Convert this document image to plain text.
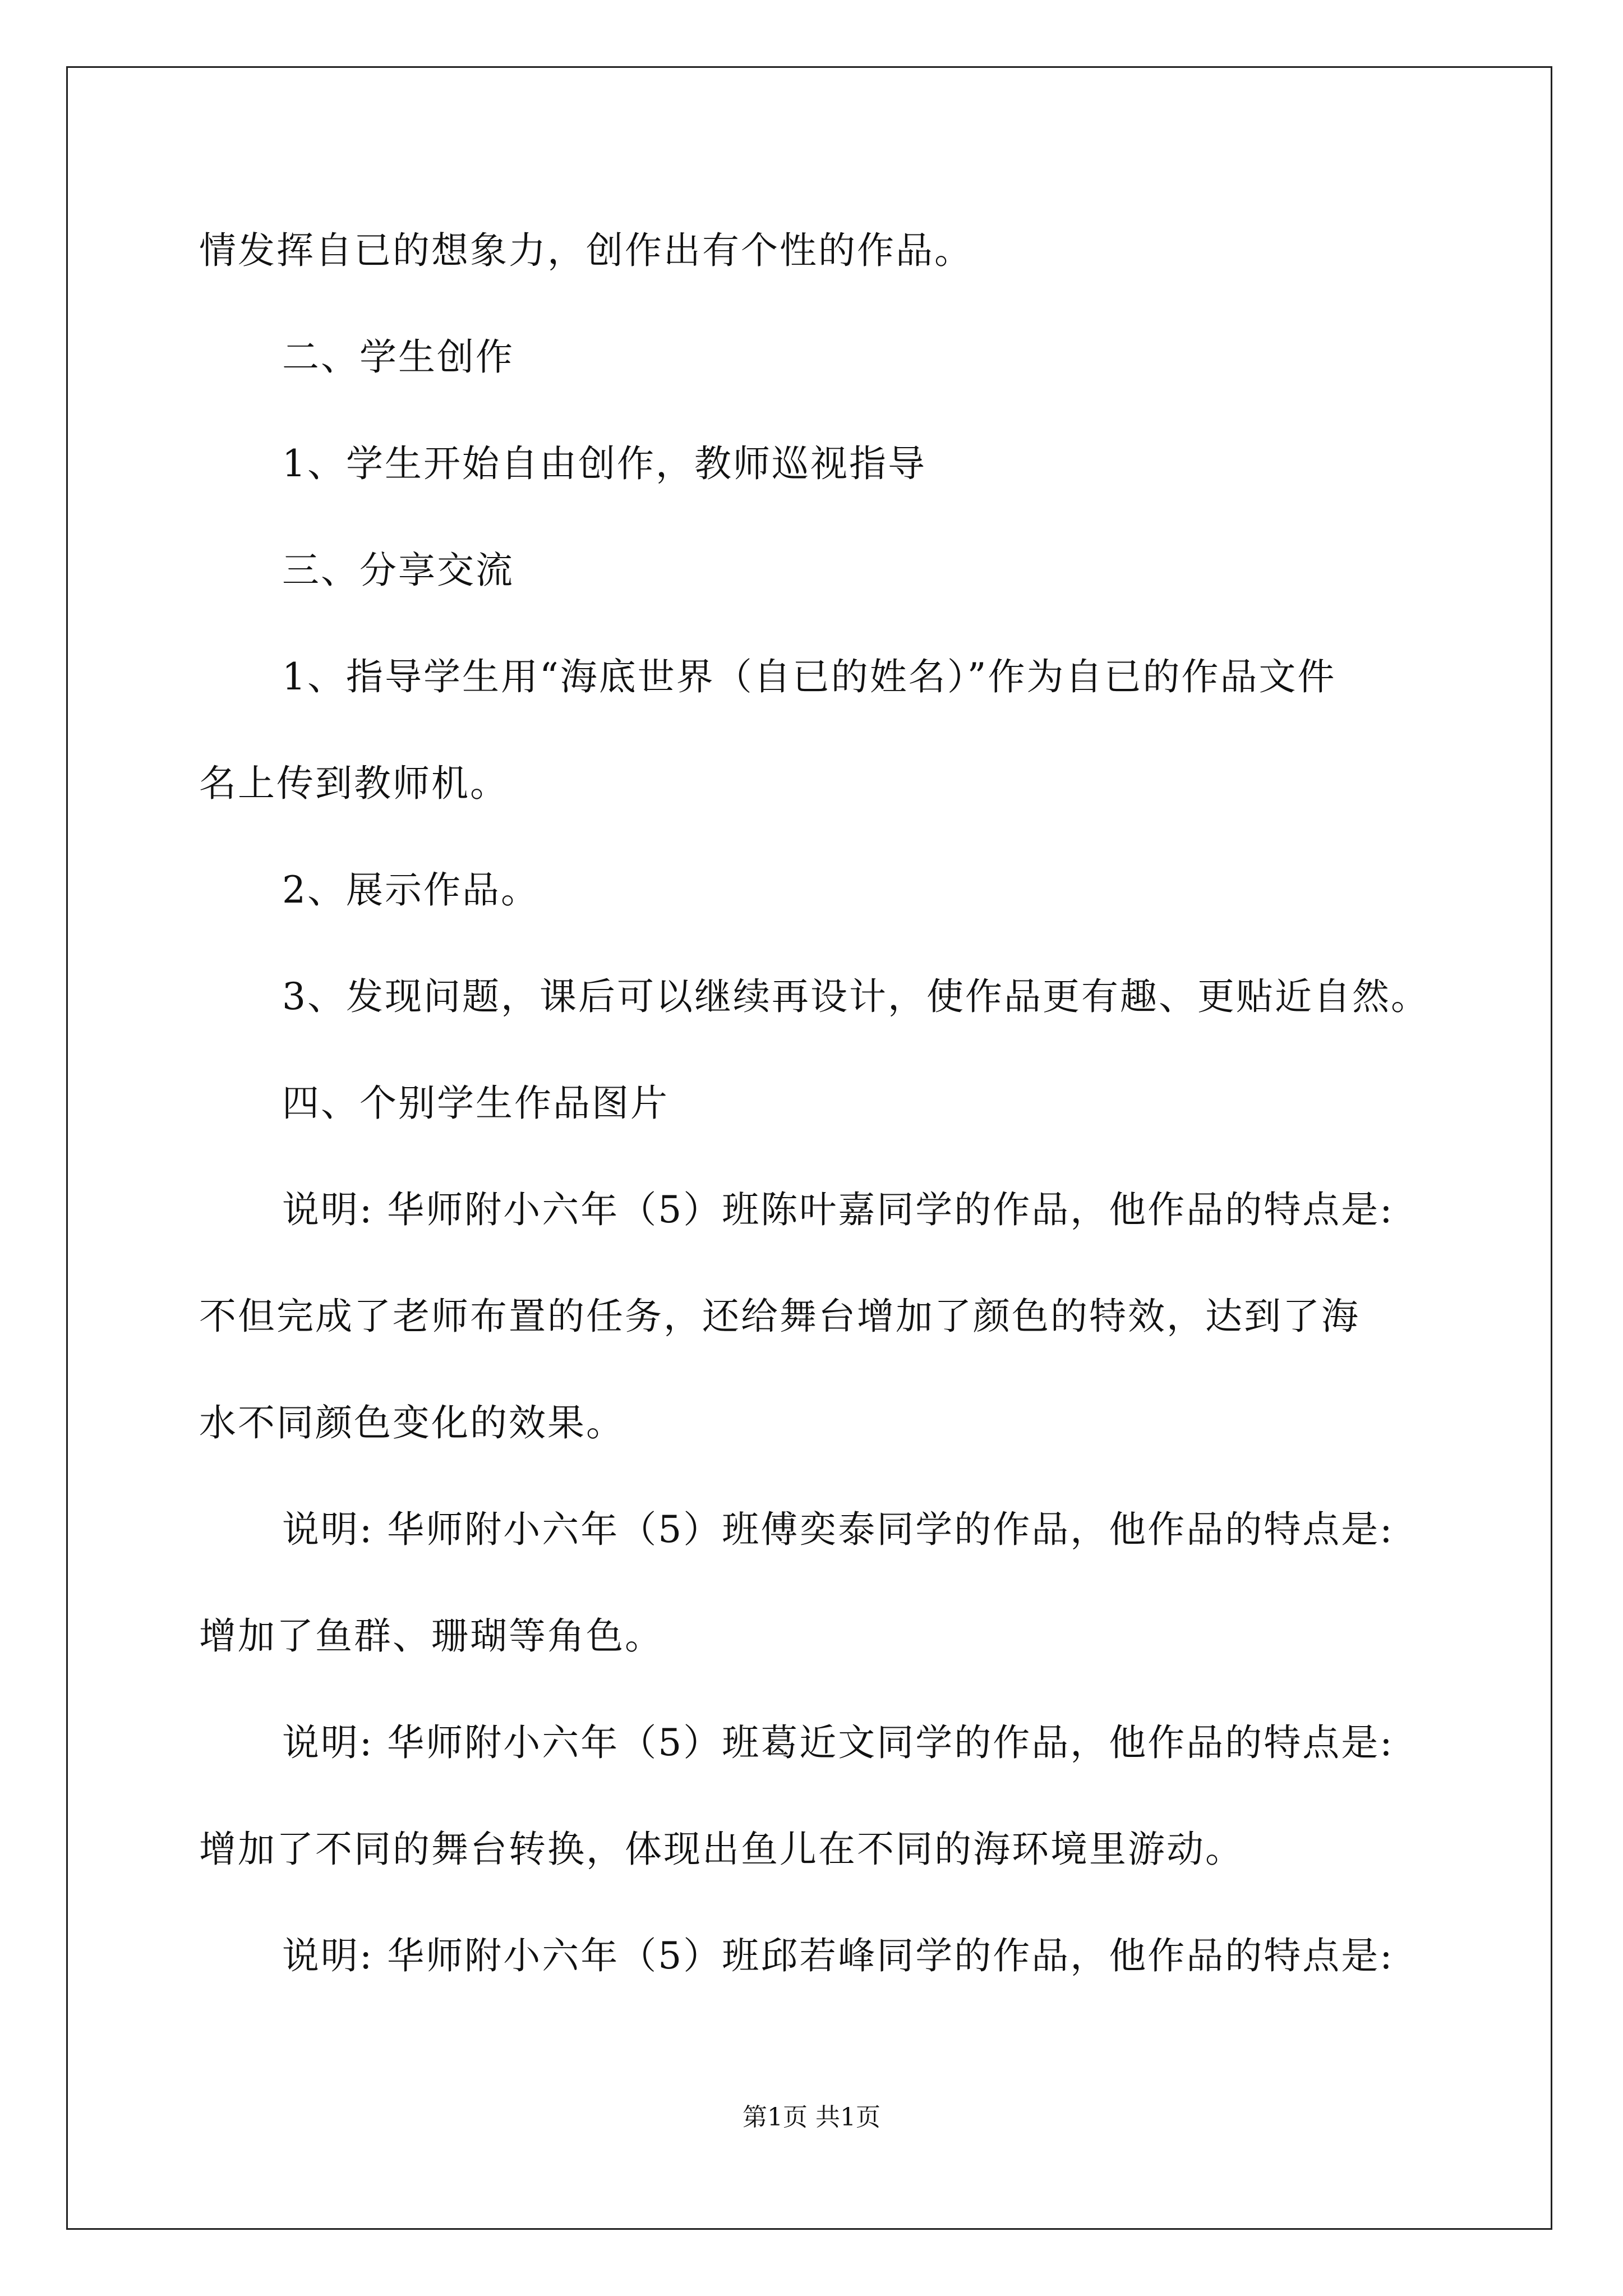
情发挥自已的想象力，创作出有个性的作品。
二、学生创作
1、学生开始自由创作，教师巡视指导
三、分享交流
1、指导学生用“海底世界（自已的姓名）”作为自已的作品文件
名上传到教师机。
2、展示作品。
3、发现问题，课后可以继续再设计，使作品更有趣、更贴近自然。
四、个别学生作品图片
说明: 华师附小六年（5）班陈叶嘉同学的作品，他作品的特点是:
不但完成了老师布置的任务，还给舞台增加了颜色的特效，达到了海
水不同颜色变化的效果。
说明: 华师附小六年（5）班傅奕泰同学的作品，他作品的特点是:
增加了鱼群、珊瑚等角色。
说明: 华师附小六年（5）班葛近文同学的作品，他作品的特点是:
增加了不同的舞台转换，体现出鱼儿在不同的海环境里游动。
说明: 华师附小六年（5）班邱若峰同学的作品，他作品的特点是:
第1页 共1页
